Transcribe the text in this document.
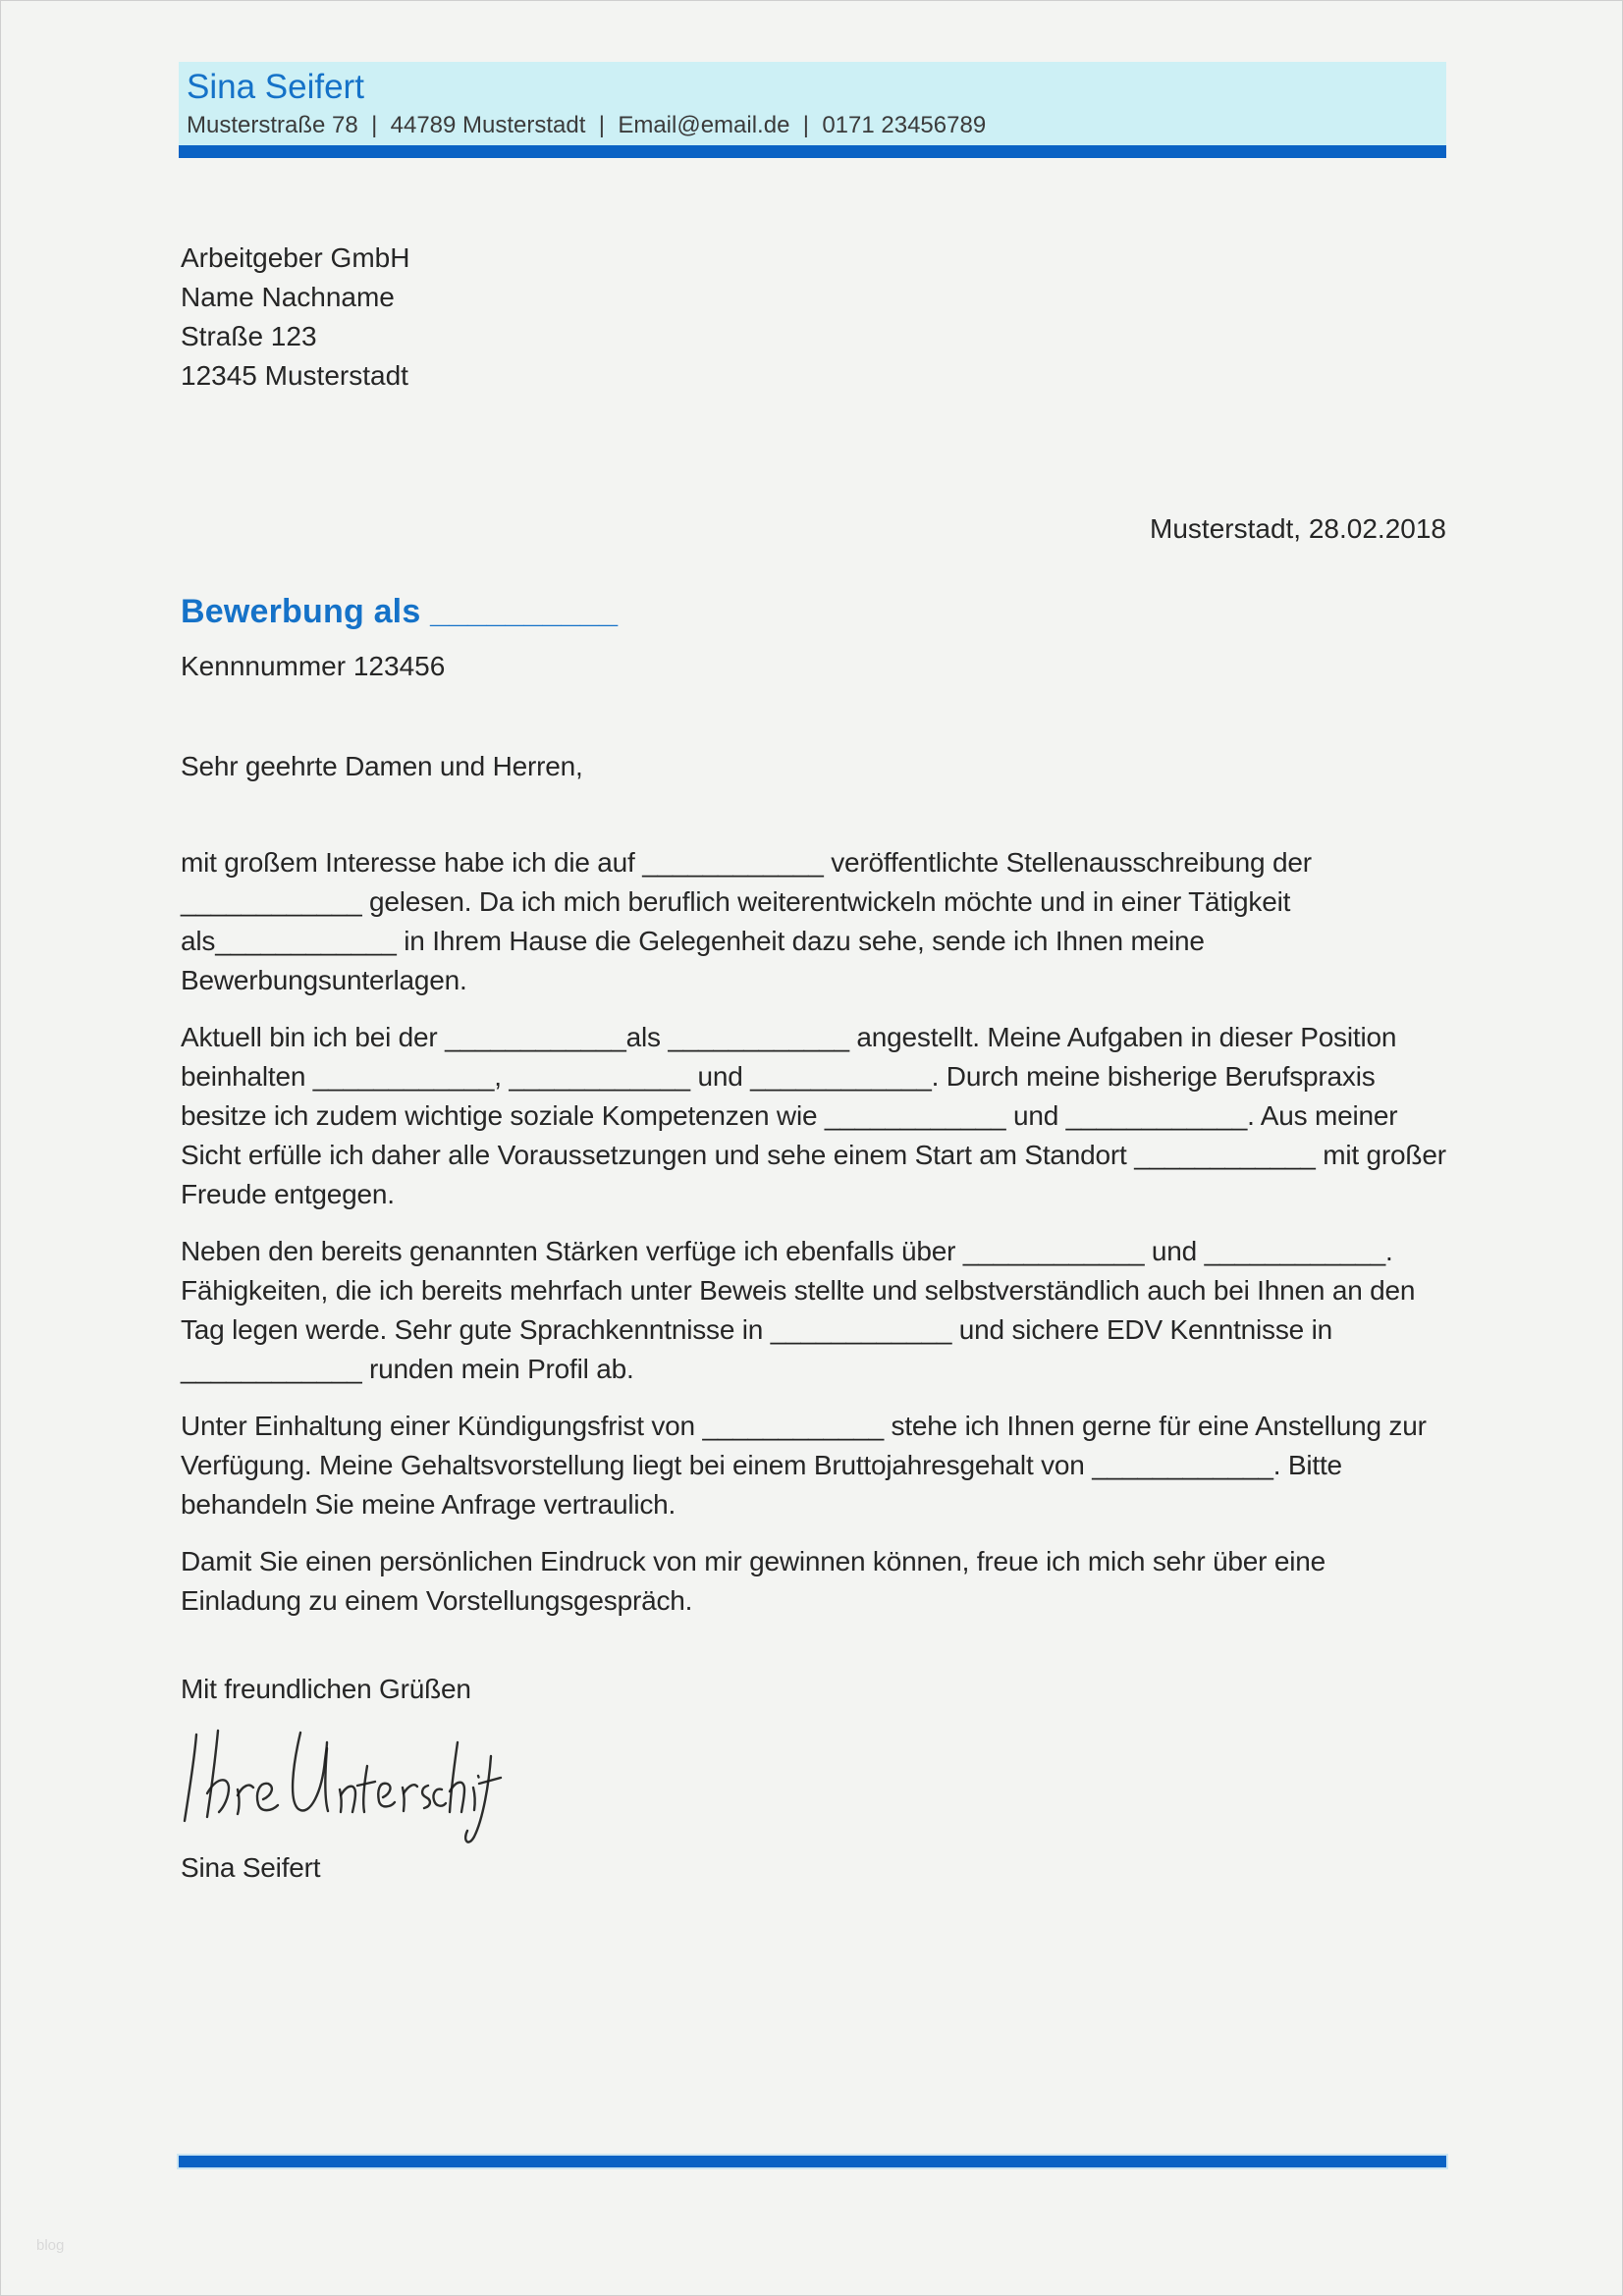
Sina Seifert
Musterstraße 78  |  44789 Musterstadt  |  Email@email.de  |  0171 23456789
Arbeitgeber GmbH
Name Nachname
Straße 123
12345 Musterstadt
Musterstadt, 28.02.2018
Bewerbung als __________
Kennnummer 123456

Sehr geehrte Damen und Herren,

mit großem Interesse habe ich die auf ____________ veröffentlichte Stellenausschreibung der ____________ gelesen. Da ich mich beruflich weiterentwickeln möchte und in einer Tätigkeit als____________ in Ihrem Hause die Gelegenheit dazu sehe, sende ich Ihnen meine Bewerbungsunterlagen.

Aktuell bin ich bei der ____________als ____________ angestellt. Meine Aufgaben in dieser Position beinhalten ____________, ____________ und ____________. Durch meine bisherige Berufspraxis besitze ich zudem wichtige soziale Kompetenzen wie ____________ und ____________. Aus meiner Sicht erfülle ich daher alle Voraussetzungen und sehe einem Start am Standort ____________ mit großer Freude entgegen.

Neben den bereits genannten Stärken verfüge ich ebenfalls über ____________ und ____________. Fähigkeiten, die ich bereits mehrfach unter Beweis stellte und selbstverständlich auch bei Ihnen an den Tag legen werde. Sehr gute Sprachkenntnisse in ____________ und sichere EDV Kenntnisse in ____________ runden mein Profil ab.

Unter Einhaltung einer Kündigungsfrist von ____________ stehe ich Ihnen gerne für eine Anstellung zur Verfügung. Meine Gehaltsvorstellung liegt bei einem Bruttojahresgehalt von ____________. Bitte behandeln Sie meine Anfrage vertraulich.

Damit Sie einen persönlichen Eindruck von mir gewinnen können, freue ich mich sehr über eine Einladung zu einem Vorstellungsgespräch.

Mit freundlichen Grüßen

Sina Seifert

blog
